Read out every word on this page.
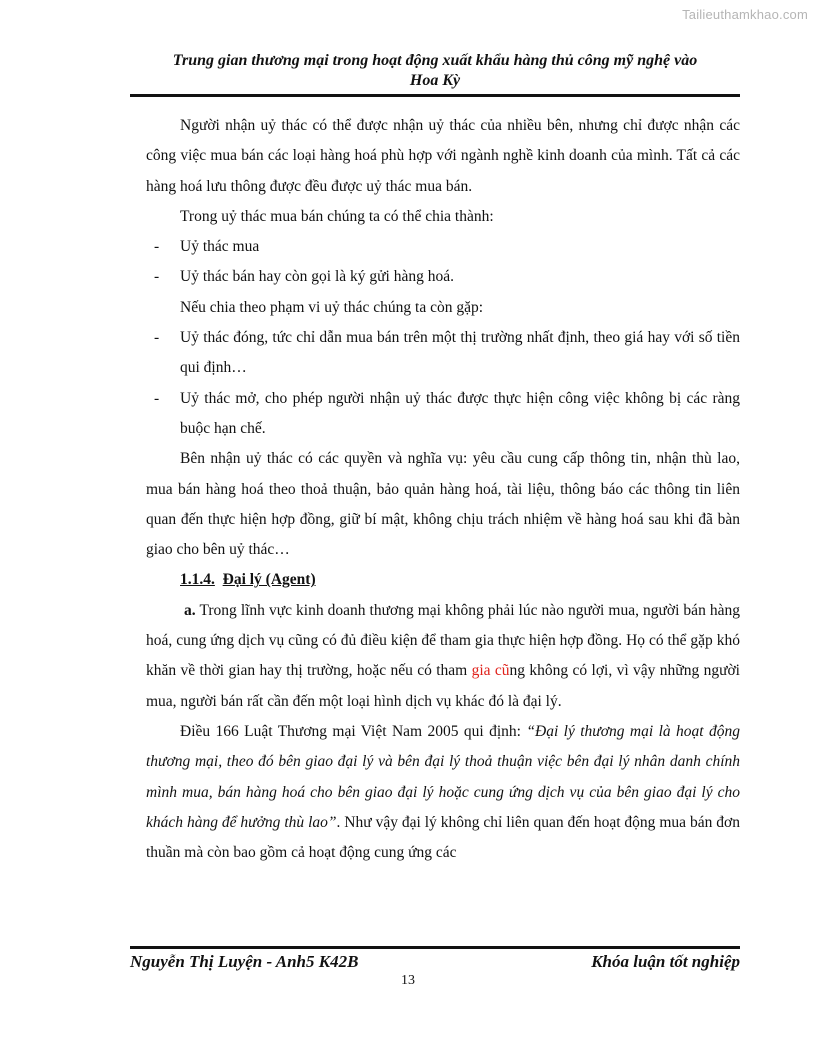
Tailieuthamkhao.com
Trung gian thương mại trong hoạt động xuất khẩu hàng thủ công mỹ nghệ vào
Hoa Kỳ

Người nhận uỷ thác có thể được nhận uỷ thác của nhiều bên, nhưng chỉ được nhận các công việc mua bán các loại hàng hoá phù hợp với ngành nghề kinh doanh của mình. Tất cả các hàng hoá lưu thông được đều được uỷ thác mua bán.

Trong uỷ thác mua bán chúng ta có thể chia thành:

- Uỷ thác mua

- Uỷ thác bán hay còn gọi là ký gửi hàng hoá.

Nếu chia theo phạm vi uỷ thác chúng ta còn gặp:

- Uỷ thác đóng, tức chỉ dẫn mua bán trên một thị trường nhất định, theo giá hay với số tiền qui định…

- Uỷ thác mở, cho phép người nhận uỷ thác được thực hiện công việc không bị các ràng buộc hạn chế.

Bên nhận uỷ thác có các quyền và nghĩa vụ: yêu cầu cung cấp thông tin, nhận thù lao, mua bán hàng hoá theo thoả thuận, bảo quản hàng hoá, tài liệu, thông báo các thông tin liên quan đến thực hiện hợp đồng, giữ bí mật, không chịu trách nhiệm về hàng hoá sau khi đã bàn giao cho bên uỷ thác…

1.1.4. Đại lý (Agent)

a. Trong lĩnh vực kinh doanh thương mại không phải lúc nào người mua, người bán hàng hoá, cung ứng dịch vụ cũng có đủ điều kiện để tham gia thực hiện hợp đồng. Họ có thể gặp khó khăn về thời gian hay thị trường, hoặc nếu có tham gia cũng không có lợi, vì vậy những người mua, người bán rất cần đến một loại hình dịch vụ khác đó là đại lý.

Điều 166 Luật Thương mại Việt Nam 2005 qui định: “Đại lý thương mại là hoạt động thương mại, theo đó bên giao đại lý và bên đại lý thoả thuận việc bên đại lý nhân danh chính mình mua, bán hàng hoá cho bên giao đại lý hoặc cung ứng dịch vụ của bên giao đại lý cho khách hàng để hưởng thù lao”. Như vậy đại lý không chỉ liên quan đến hoạt động mua bán đơn thuần mà còn bao gồm cả hoạt động cung ứng các

Nguyễn Thị Luyện - Anh5 K42B	Khóa luận tốt nghiệp
13
